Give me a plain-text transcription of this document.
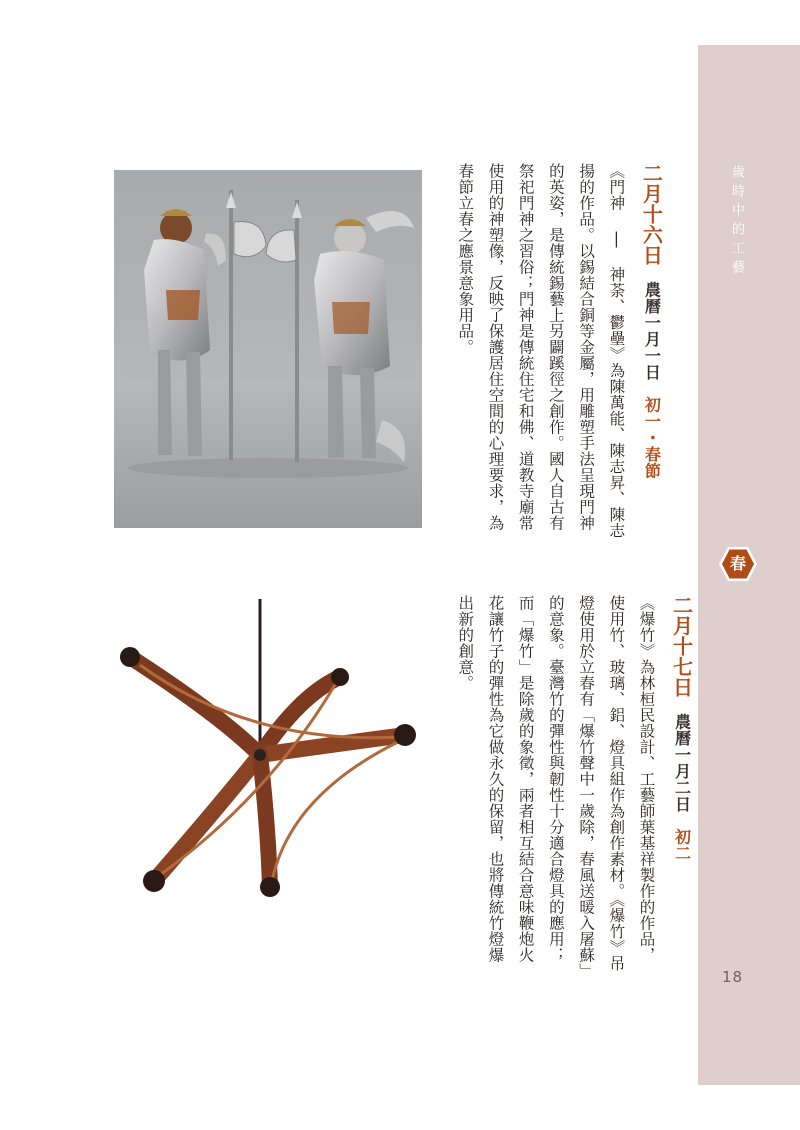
歲時中的工藝
春
18
二月十六日　農曆一月一日　初一・春節
《門神 | 神荼、鬱壘》為陳萬能、陳志昇、陳志揚的作品。以錫結合銅等金屬，用雕塑手法呈現門神的英姿，是傳統錫藝上另闢蹊徑之創作。國人自古有祭祀門神之習俗；門神是傳統住宅和佛、道教寺廟常使用的神塑像，反映了保護居住空間的心理要求，為春節立春之應景意象用品。
二月十七日　農曆一月二日　初二
《爆竹》為林桓民設計、工藝師葉基祥製作的作品，使用竹、玻璃、鋁、燈具組作為創作素材。《爆竹》吊燈使用於立春有「爆竹聲中一歲除，春風送暖入屠蘇」的意象。臺灣竹的彈性與韌性十分適合燈具的應用；而「爆竹」是除歲的象徵，兩者相互結合意味鞭炮火花讓竹子的彈性為它做永久的保留，也將傳統竹燈爆出新的創意。
